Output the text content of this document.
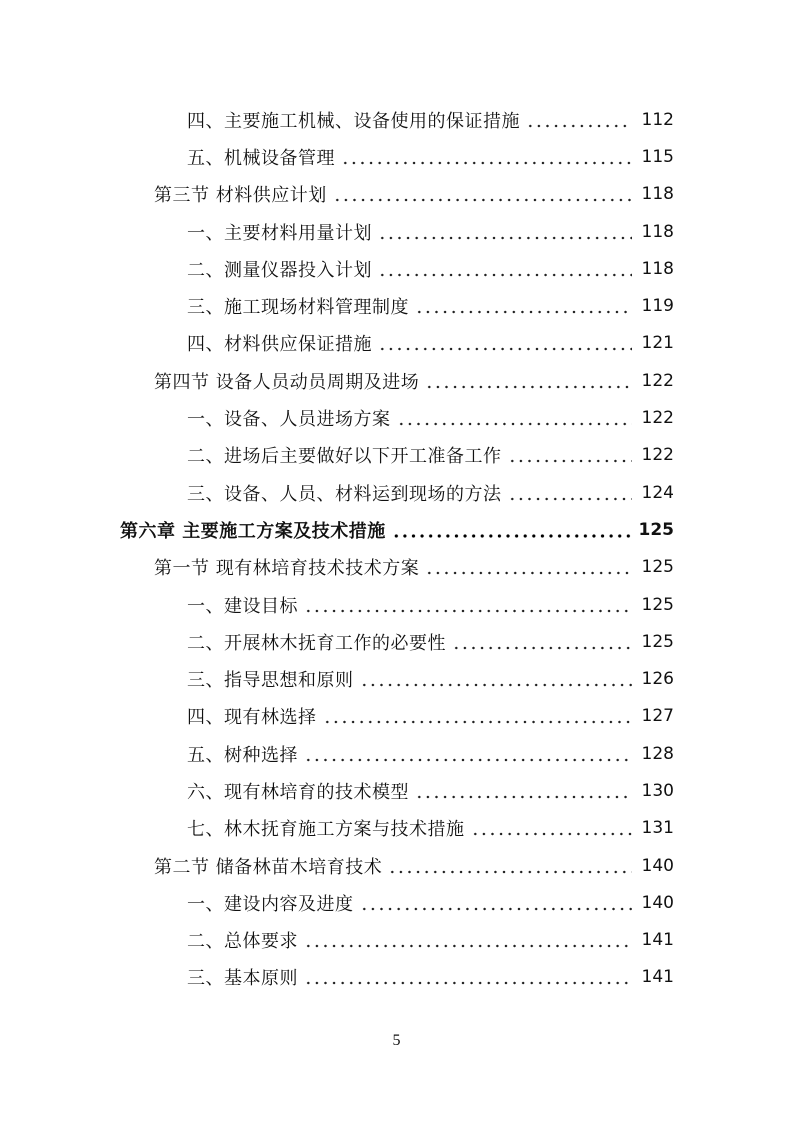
四、主要施工机械、设备使用的保证措施	112
五、机械设备管理	115
第三节 材料供应计划	118
一、主要材料用量计划	118
二、测量仪器投入计划	118
三、施工现场材料管理制度	119
四、材料供应保证措施	121
第四节 设备人员动员周期及进场	122
一、设备、人员进场方案	122
二、进场后主要做好以下开工准备工作	122
三、设备、人员、材料运到现场的方法	124
第六章 主要施工方案及技术措施	125
第一节 现有林培育技术技术方案	125
一、建设目标	125
二、开展林木抚育工作的必要性	125
三、指导思想和原则	126
四、现有林选择	127
五、树种选择	128
六、现有林培育的技术模型	130
七、林木抚育施工方案与技术措施	131
第二节 储备林苗木培育技术	140
一、建设内容及进度	140
二、总体要求	141
三、基本原则	141
5
